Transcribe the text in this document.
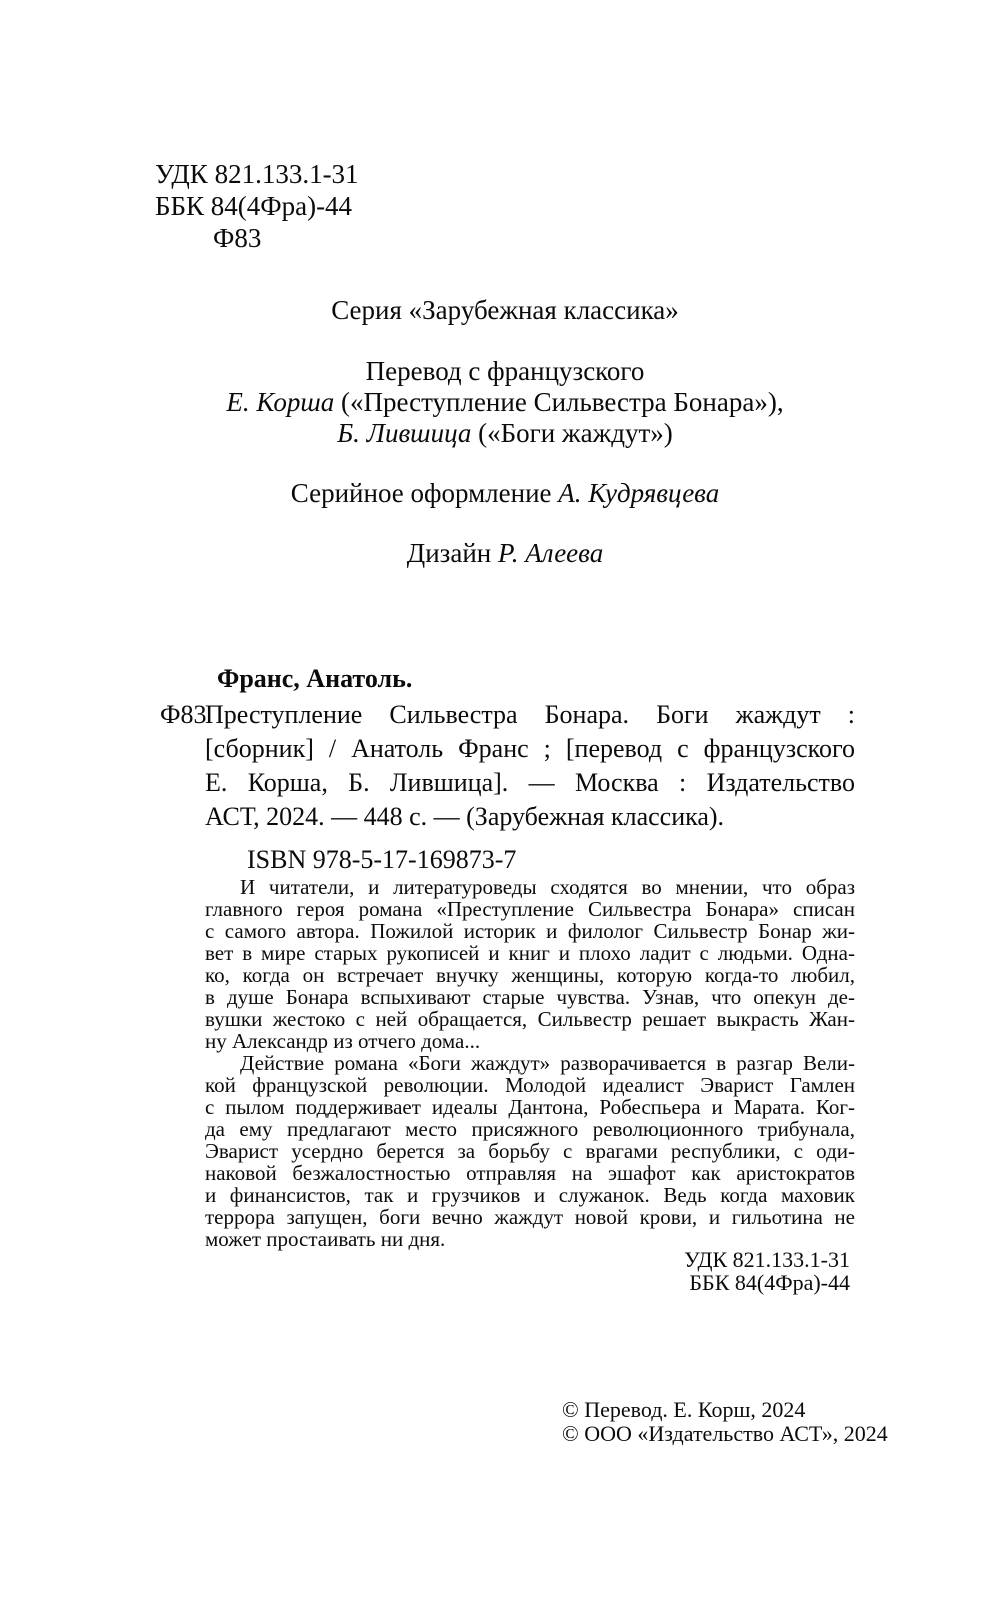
УДК 821.133.1-31
ББК 84(4Фра)-44
Ф83
Серия «Зарубежная классика»
Перевод с французского
Е. Корша («Преступление Сильвестра Бонара»),
Б. Лившица («Боги жаждут»)
Серийное оформление А. Кудрявцева
Дизайн Р. Алеева
Франс, Анатоль.
Ф83
Преступление Сильвестра Бонара. Боги жаждут :
[сборник] / Анатоль Франс ; [перевод с французского
Е. Корша, Б. Лившица]. — Москва : Издательство
АСТ, 2024. — 448 с. — (Зарубежная классика).
ISBN 978-5-17-169873-7
И читатели, и литературоведы сходятся во мнении, что образ
главного героя романа «Преступление Сильвестра Бонара» списан
с самого автора. Пожилой историк и филолог Сильвестр Бонар жи-
вет в мире старых рукописей и книг и плохо ладит с людьми. Одна-
ко, когда он встречает внучку женщины, которую когда-то любил,
в душе Бонара вспыхивают старые чувства. Узнав, что опекун де-
вушки жестоко с ней обращается, Сильвестр решает выкрасть Жан-
ну Александр из отчего дома...
Действие романа «Боги жаждут» разворачивается в разгар Вели-
кой французской революции. Молодой идеалист Эварист Гамлен
с пылом поддерживает идеалы Дантона, Робеспьера и Марата. Ког-
да ему предлагают место присяжного революционного трибунала,
Эварист усердно берется за борьбу с врагами республики, с оди-
наковой безжалостностью отправляя на эшафот как аристократов
и финансистов, так и грузчиков и служанок. Ведь когда маховик
террора запущен, боги вечно жаждут новой крови, и гильотина не
может простаивать ни дня.
УДК 821.133.1-31
ББК 84(4Фра)-44
© Перевод. Е. Корш, 2024
© ООО «Издательство АСТ», 2024
